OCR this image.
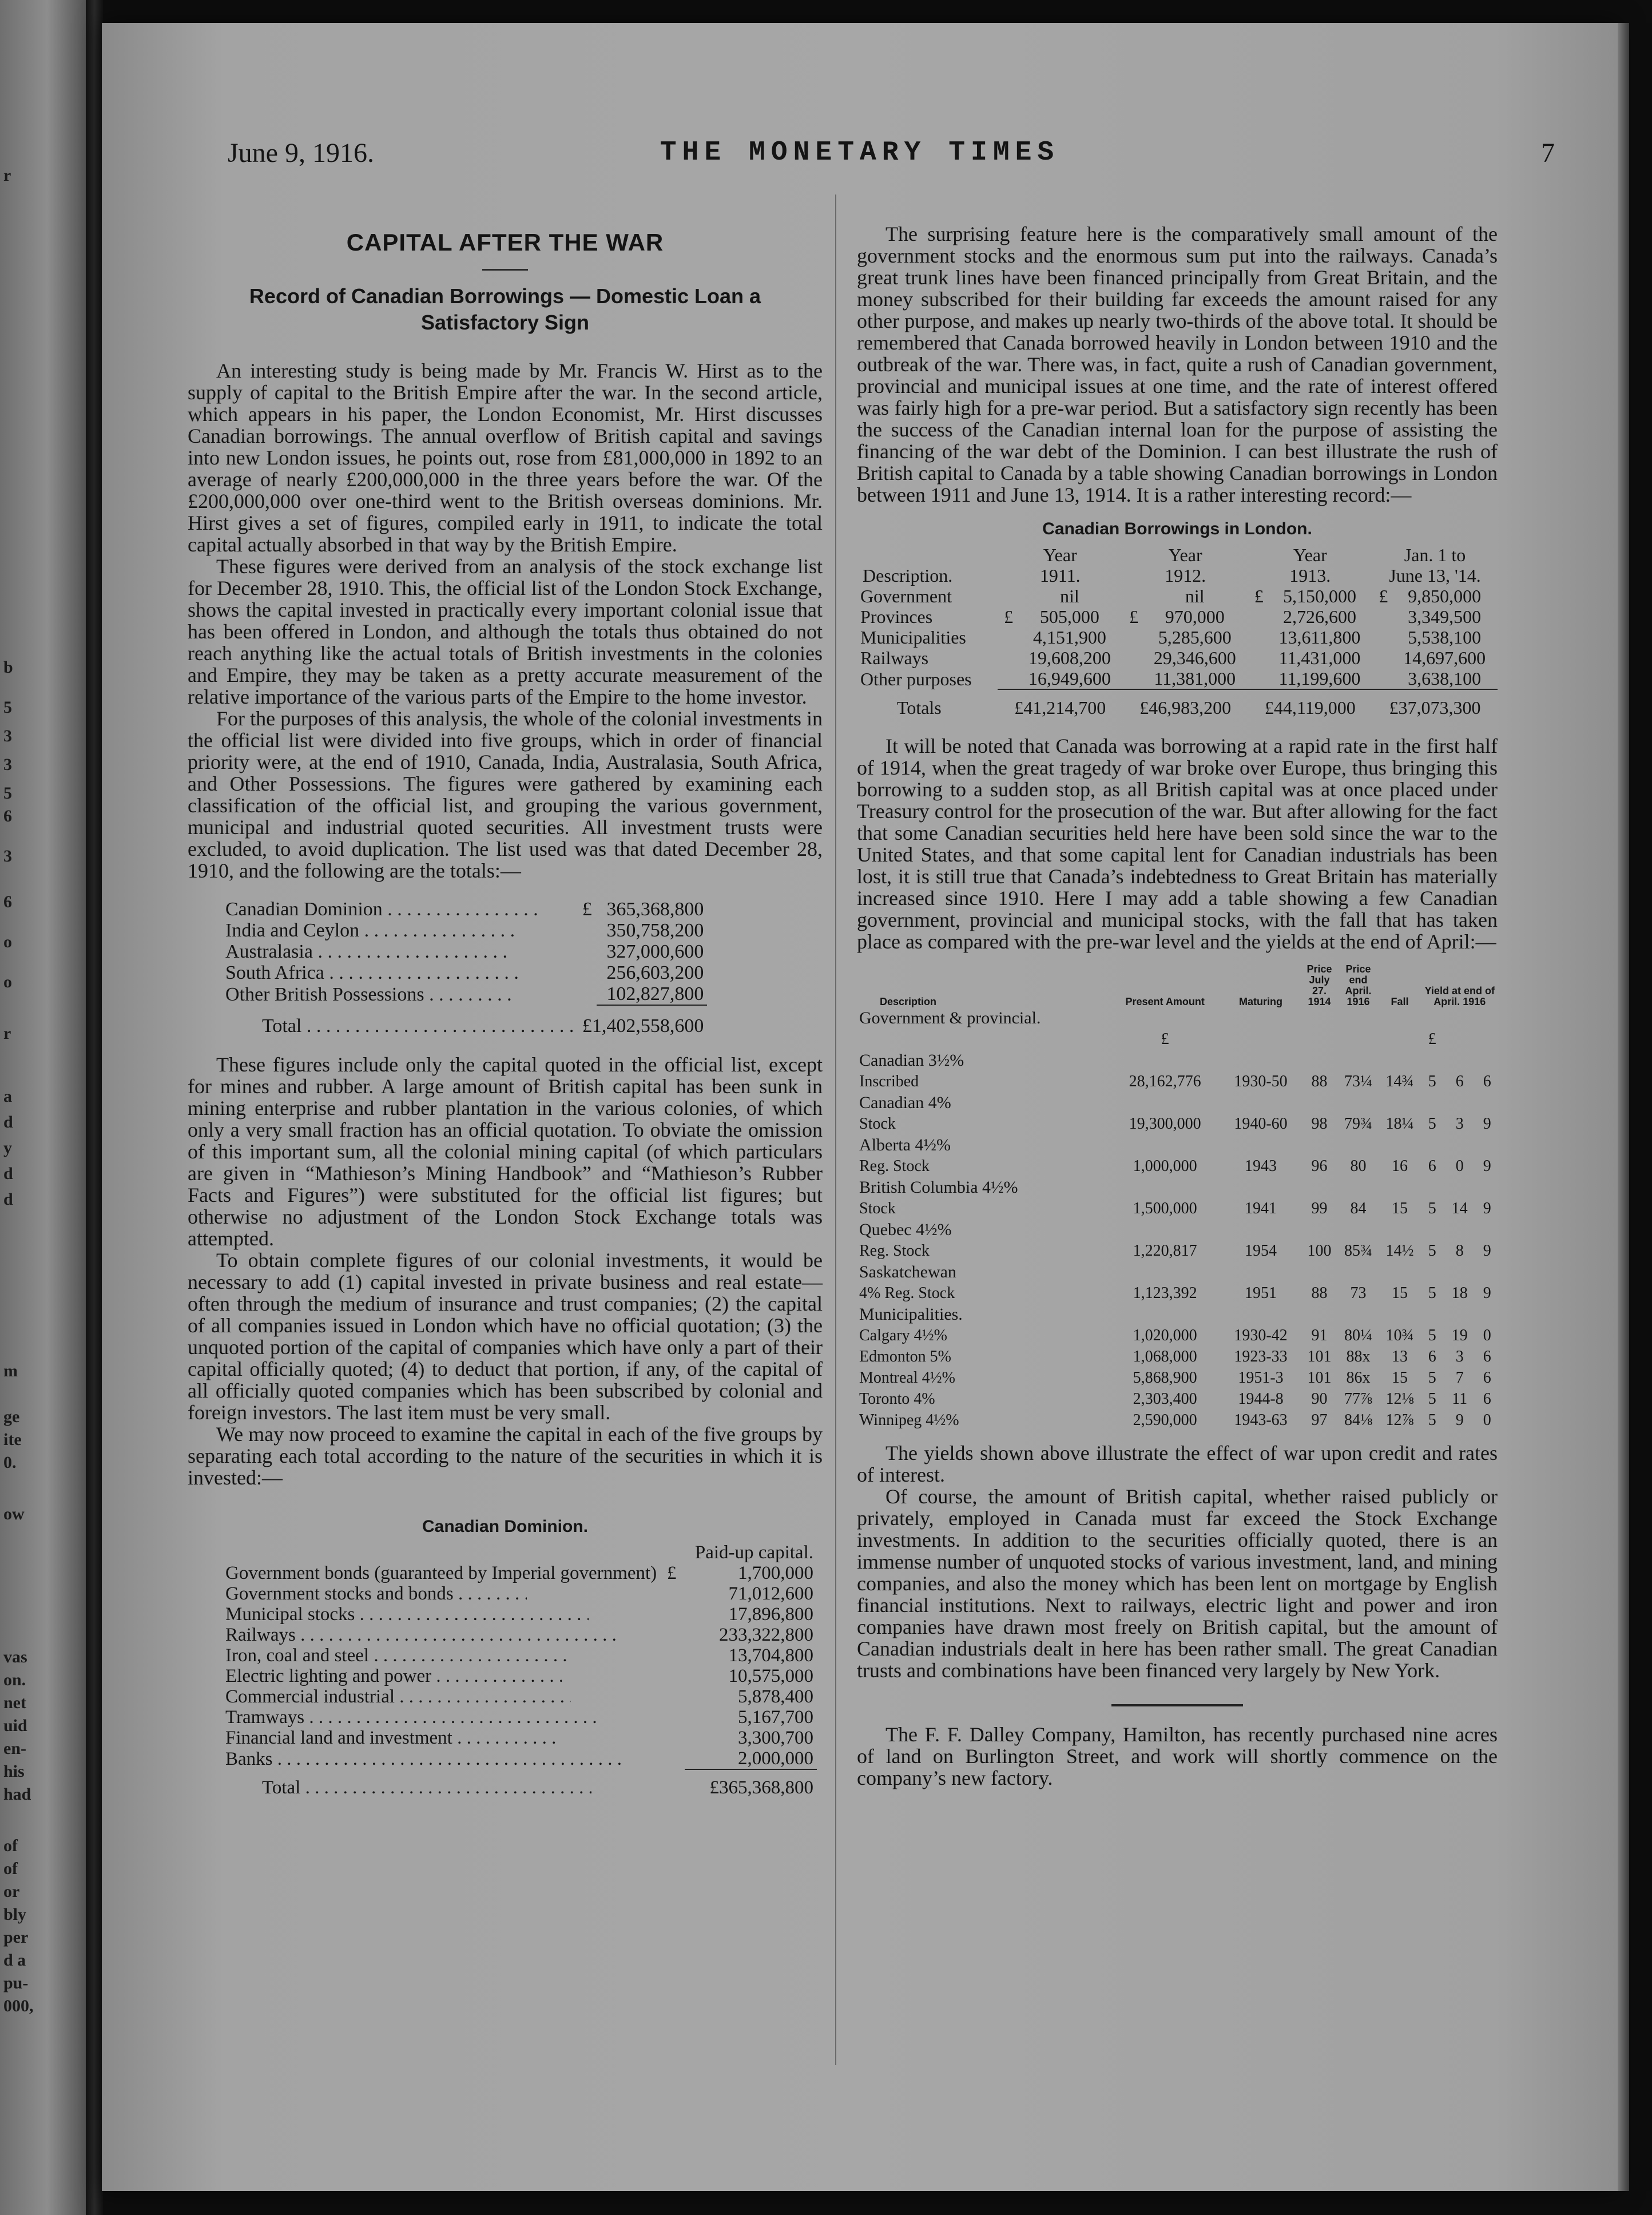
r
b
5
3
3
5
6
3
6
o
o
r
a
d
y
d
d
m
ge
ite
0.
ow
vas
on.
net
uid
en-
his
had
of
of
or
bly
per
d a
pu-
000,
June 9, 1916.	THE MONETARY TIMES	7
CAPITAL AFTER THE WAR
Record of Canadian Borrowings — Domestic Loan a Satisfactory Sign

An interesting study is being made by Mr. Francis W. Hirst as to the supply of capital to the British Empire after the war. In the second article, which appears in his paper, the London Economist, Mr. Hirst discusses Canadian borrowings. The annual overflow of British capital and savings into new London issues, he points out, rose from £81,000,000 in 1892 to an average of nearly £200,000,000 in the three years before the war. Of the £200,000,000 over one-third went to the British overseas dominions. Mr. Hirst gives a set of figures, compiled early in 1911, to indicate the total capital actually absorbed in that way by the British Empire.

These figures were derived from an analysis of the stock exchange list for December 28, 1910. This, the official list of the London Stock Exchange, shows the capital invested in practically every important colonial issue that has been offered in London, and although the totals thus obtained do not reach anything like the actual totals of British investments in the colonies and Empire, they may be taken as a pretty accurate measurement of the relative importance of the various parts of the Empire to the home investor.

For the purposes of this analysis, the whole of the colonial investments in the official list were divided into five groups, which in order of financial priority were, at the end of 1910, Canada, India, Australasia, South Africa, and Other Possessions. The figures were gathered by examining each classification of the official list, and grouping the various government, municipal and industrial quoted securities. All investment trusts were excluded, to avoid duplication. The list used was that dated December 28, 1910, and the following are the totals:—

Canadian Dominion . . .	£	365,368,800
India and Ceylon . . .		350,758,200
Australasia . . .		327,000,600
South Africa . . .		256,603,200
Other British Possessions . . .		102,827,800

Total . . .	£1,402,558,600	

These figures include only the capital quoted in the official list, except for mines and rubber. A large amount of British capital has been sunk in mining enterprise and rubber plantation in the various colonies, of which only a very small fraction has an official quotation. To obviate the omission of this important sum, all the colonial mining capital (of which particulars are given in “Mathieson’s Mining Handbook” and “Mathieson’s Rubber Facts and Figures”) were substituted for the official list figures; but otherwise no adjustment of the London Stock Exchange totals was attempted.

To obtain complete figures of our colonial investments, it would be necessary to add (1) capital invested in private business and real estate—often through the medium of insurance and trust companies; (2) the capital of all companies issued in London which have no official quotation; (3) the unquoted portion of the capital of companies which have only a part of their capital officially quoted; (4) to deduct that portion, if any, of the capital of all officially quoted companies which has been subscribed by colonial and foreign investors. The last item must be very small.

We may now proceed to examine the capital in each of the five groups by separating each total according to the nature of the securities in which it is invested:—

Canadian Dominion.
	Paid-up capital.	
Government bonds (guaranteed by Imperial government)	£	1,700,000
Government stocks and bonds . . .		71,012,600
Municipal stocks . . .		17,896,800
Railways . . .		233,322,800
Iron, coal and steel . . .		13,704,800
Electric lighting and power . . .		10,575,000
Commercial industrial . . .		5,878,400
Tramways . . .		5,167,700
Financial land and investment . . .		3,300,700
Banks . . .		2,000,000

Total . . .	£365,368,800	

The surprising feature here is the comparatively small amount of the government stocks and the enormous sum put into the railways. Canada’s great trunk lines have been financed principally from Great Britain, and the money subscribed for their building far exceeds the amount raised for any other purpose, and makes up nearly two-thirds of the above total. It should be remembered that Canada borrowed heavily in London between 1910 and the outbreak of the war. There was, in fact, quite a rush of Canadian government, provincial and municipal issues at one time, and the rate of interest offered was fairly high for a pre-war period. But a satisfactory sign recently has been the success of the Canadian internal loan for the purpose of assisting the financing of the war debt of the Dominion. I can best illustrate the rush of British capital to Canada by a table showing Canadian borrowings in London between 1911 and June 13, 1914. It is a rather interesting record:—

Canadian Borrowings in London.
	Year		Year		Year		Jan. 1 to	
Description.	1911.		1912.		1913.		June 13, '14.	
Government		nil		nil	£	5,150,000	£	9,850,000
Provinces	£	505,000	£	970,000		2,726,600		3,349,500
Municipalities		4,151,900		5,285,600		13,611,800		5,538,100
Railways		19,608,200		29,346,600		11,431,000		14,697,600
Other purposes		16,949,600		11,381,000		11,199,600		3,638,100

Totals	£41,214,700		£46,983,200		£44,119,000		£37,073,300	

It will be noted that Canada was borrowing at a rapid rate in the first half of 1914, when the great tragedy of war broke over Europe, thus bringing this borrowing to a sudden stop, as all British capital was at once placed under Treasury control for the prosecution of the war. But after allowing for the fact that some Canadian securities held here have been sold since the war to the United States, and that some capital lent for Canadian industrials has been lost, it is still true that Canada’s indebtedness to Great Britain has materially increased since 1910. Here I may add a table showing a few Canadian government, provincial and municipal stocks, with the fall that has taken place as compared with the pre-war level and the yields at the end of April:—

Description	Present Amount	Maturing	Price July 27. 1914	Price end April. 1916	Fall	Yield at end of April. 1916		
Government & provincial.								
	£					£		
Canadian 3½%								
Inscribed	28,162,776	1930-50	88	73¼	14¾	5	6	6
Canadian 4%								
Stock	19,300,000	1940-60	98	79¾	18¼	5	3	9
Alberta 4½%								
Reg. Stock	1,000,000	1943	96	80	16	6	0	9
British Columbia 4½%								
Stock	1,500,000	1941	99	84	15	5	14	9
Quebec 4½%								
Reg. Stock	1,220,817	1954	100	85¾	14½	5	8	9
Saskatchewan								
4% Reg. Stock	1,123,392	1951	88	73	15	5	18	9
Municipalities.								
Calgary 4½%	1,020,000	1930-42	91	80¼	10¾	5	19	0
Edmonton 5%	1,068,000	1923-33	101	88x	13	6	3	6
Montreal 4½%	5,868,900	1951-3	101	86x	15	5	7	6
Toronto 4%	2,303,400	1944-8	90	77⅞	12⅛	5	11	6
Winnipeg 4½%	2,590,000	1943-63	97	84⅛	12⅞	5	9	0

The yields shown above illustrate the effect of war upon credit and rates of interest.

Of course, the amount of British capital, whether raised publicly or privately, employed in Canada must far exceed the Stock Exchange investments. In addition to the securities officially quoted, there is an immense number of unquoted stocks of various investment, land, and mining companies, and also the money which has been lent on mortgage by English financial institutions. Next to railways, electric light and power and iron companies have drawn most freely on British capital, but the amount of Canadian industrials dealt in here has been rather small. The great Canadian trusts and combinations have been financed very largely by New York.

The F. F. Dalley Company, Hamilton, has recently purchased nine acres of land on Burlington Street, and work will shortly commence on the company’s new factory.
